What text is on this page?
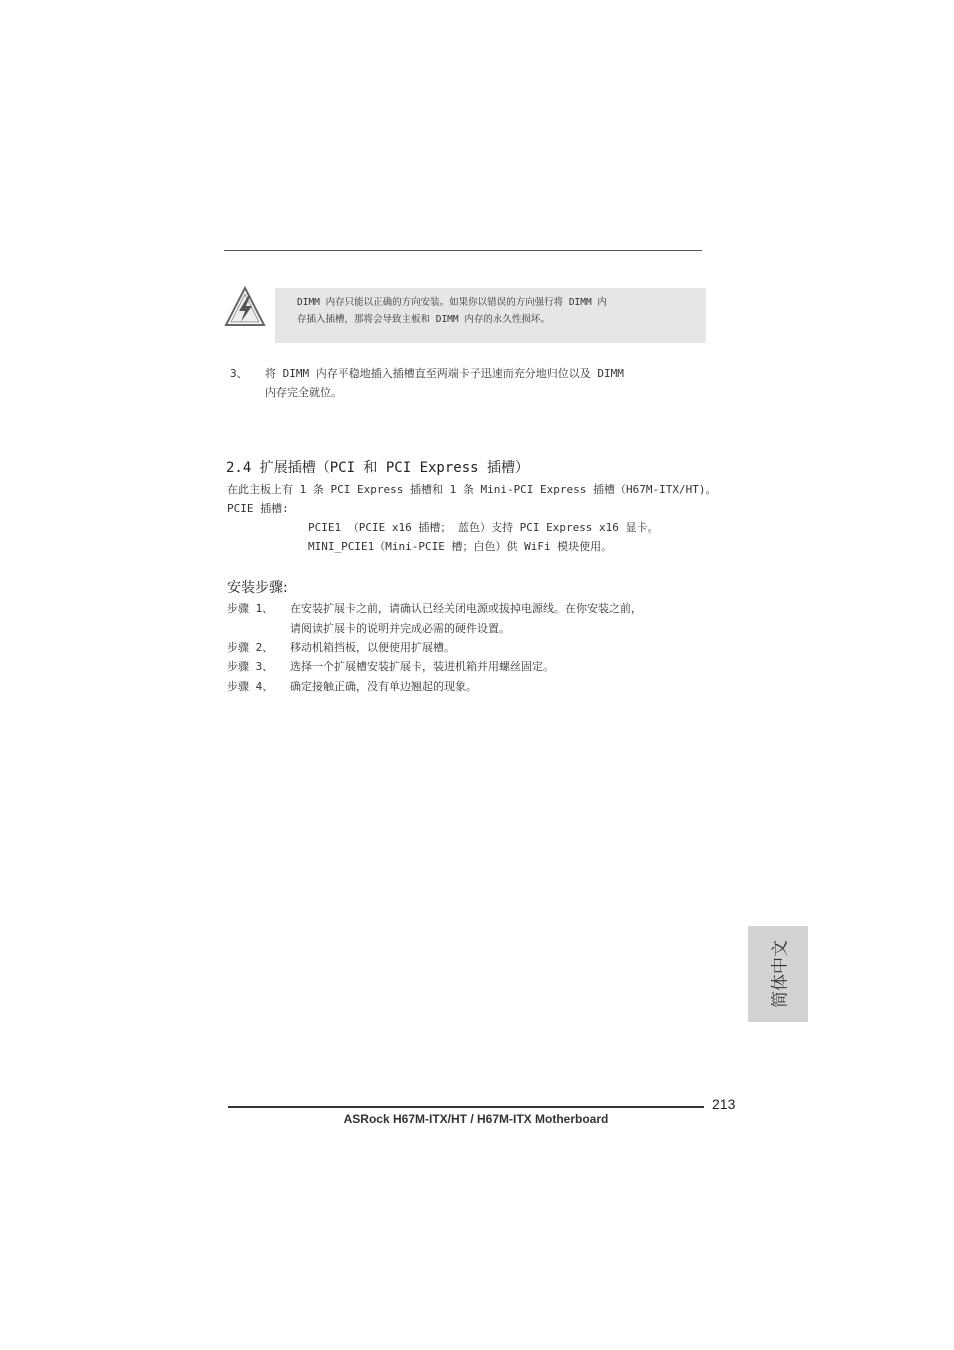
DIMM 内存只能以正确的方向安装。如果你以错误的方向强行将 DIMM 内
存插入插槽，那将会导致主板和 DIMM 内存的永久性损坏。
3、 将 DIMM 内存平稳地插入插槽直至两端卡子迅速而充分地归位以及 DIMM
内存完全就位。
2.4 扩展插槽（PCI 和 PCI Express 插槽）
在此主板上有 1 条 PCI Express 插槽和 1 条 Mini-PCI Express 插槽（H67M-ITX/HT)。
PCIE 插槽:
PCIE1 （PCIE x16 插槽； 蓝色）支持 PCI Express x16 显卡。
MINI_PCIE1（Mini-PCIE 槽；白色）供 WiFi 模块使用。
安装步骤:
步骤 1、 在安装扩展卡之前，请确认已经关闭电源或拔掉电源线。在你安装之前，
请阅读扩展卡的说明并完成必需的硬件设置。
步骤 2、 移动机箱挡板，以便使用扩展槽。
步骤 3、 选择一个扩展槽安装扩展卡，装进机箱并用螺丝固定。
步骤 4、 确定接触正确，没有单边翘起的现象。
简体中文
213
ASRock H67M-ITX/HT / H67M-ITX Motherboard
